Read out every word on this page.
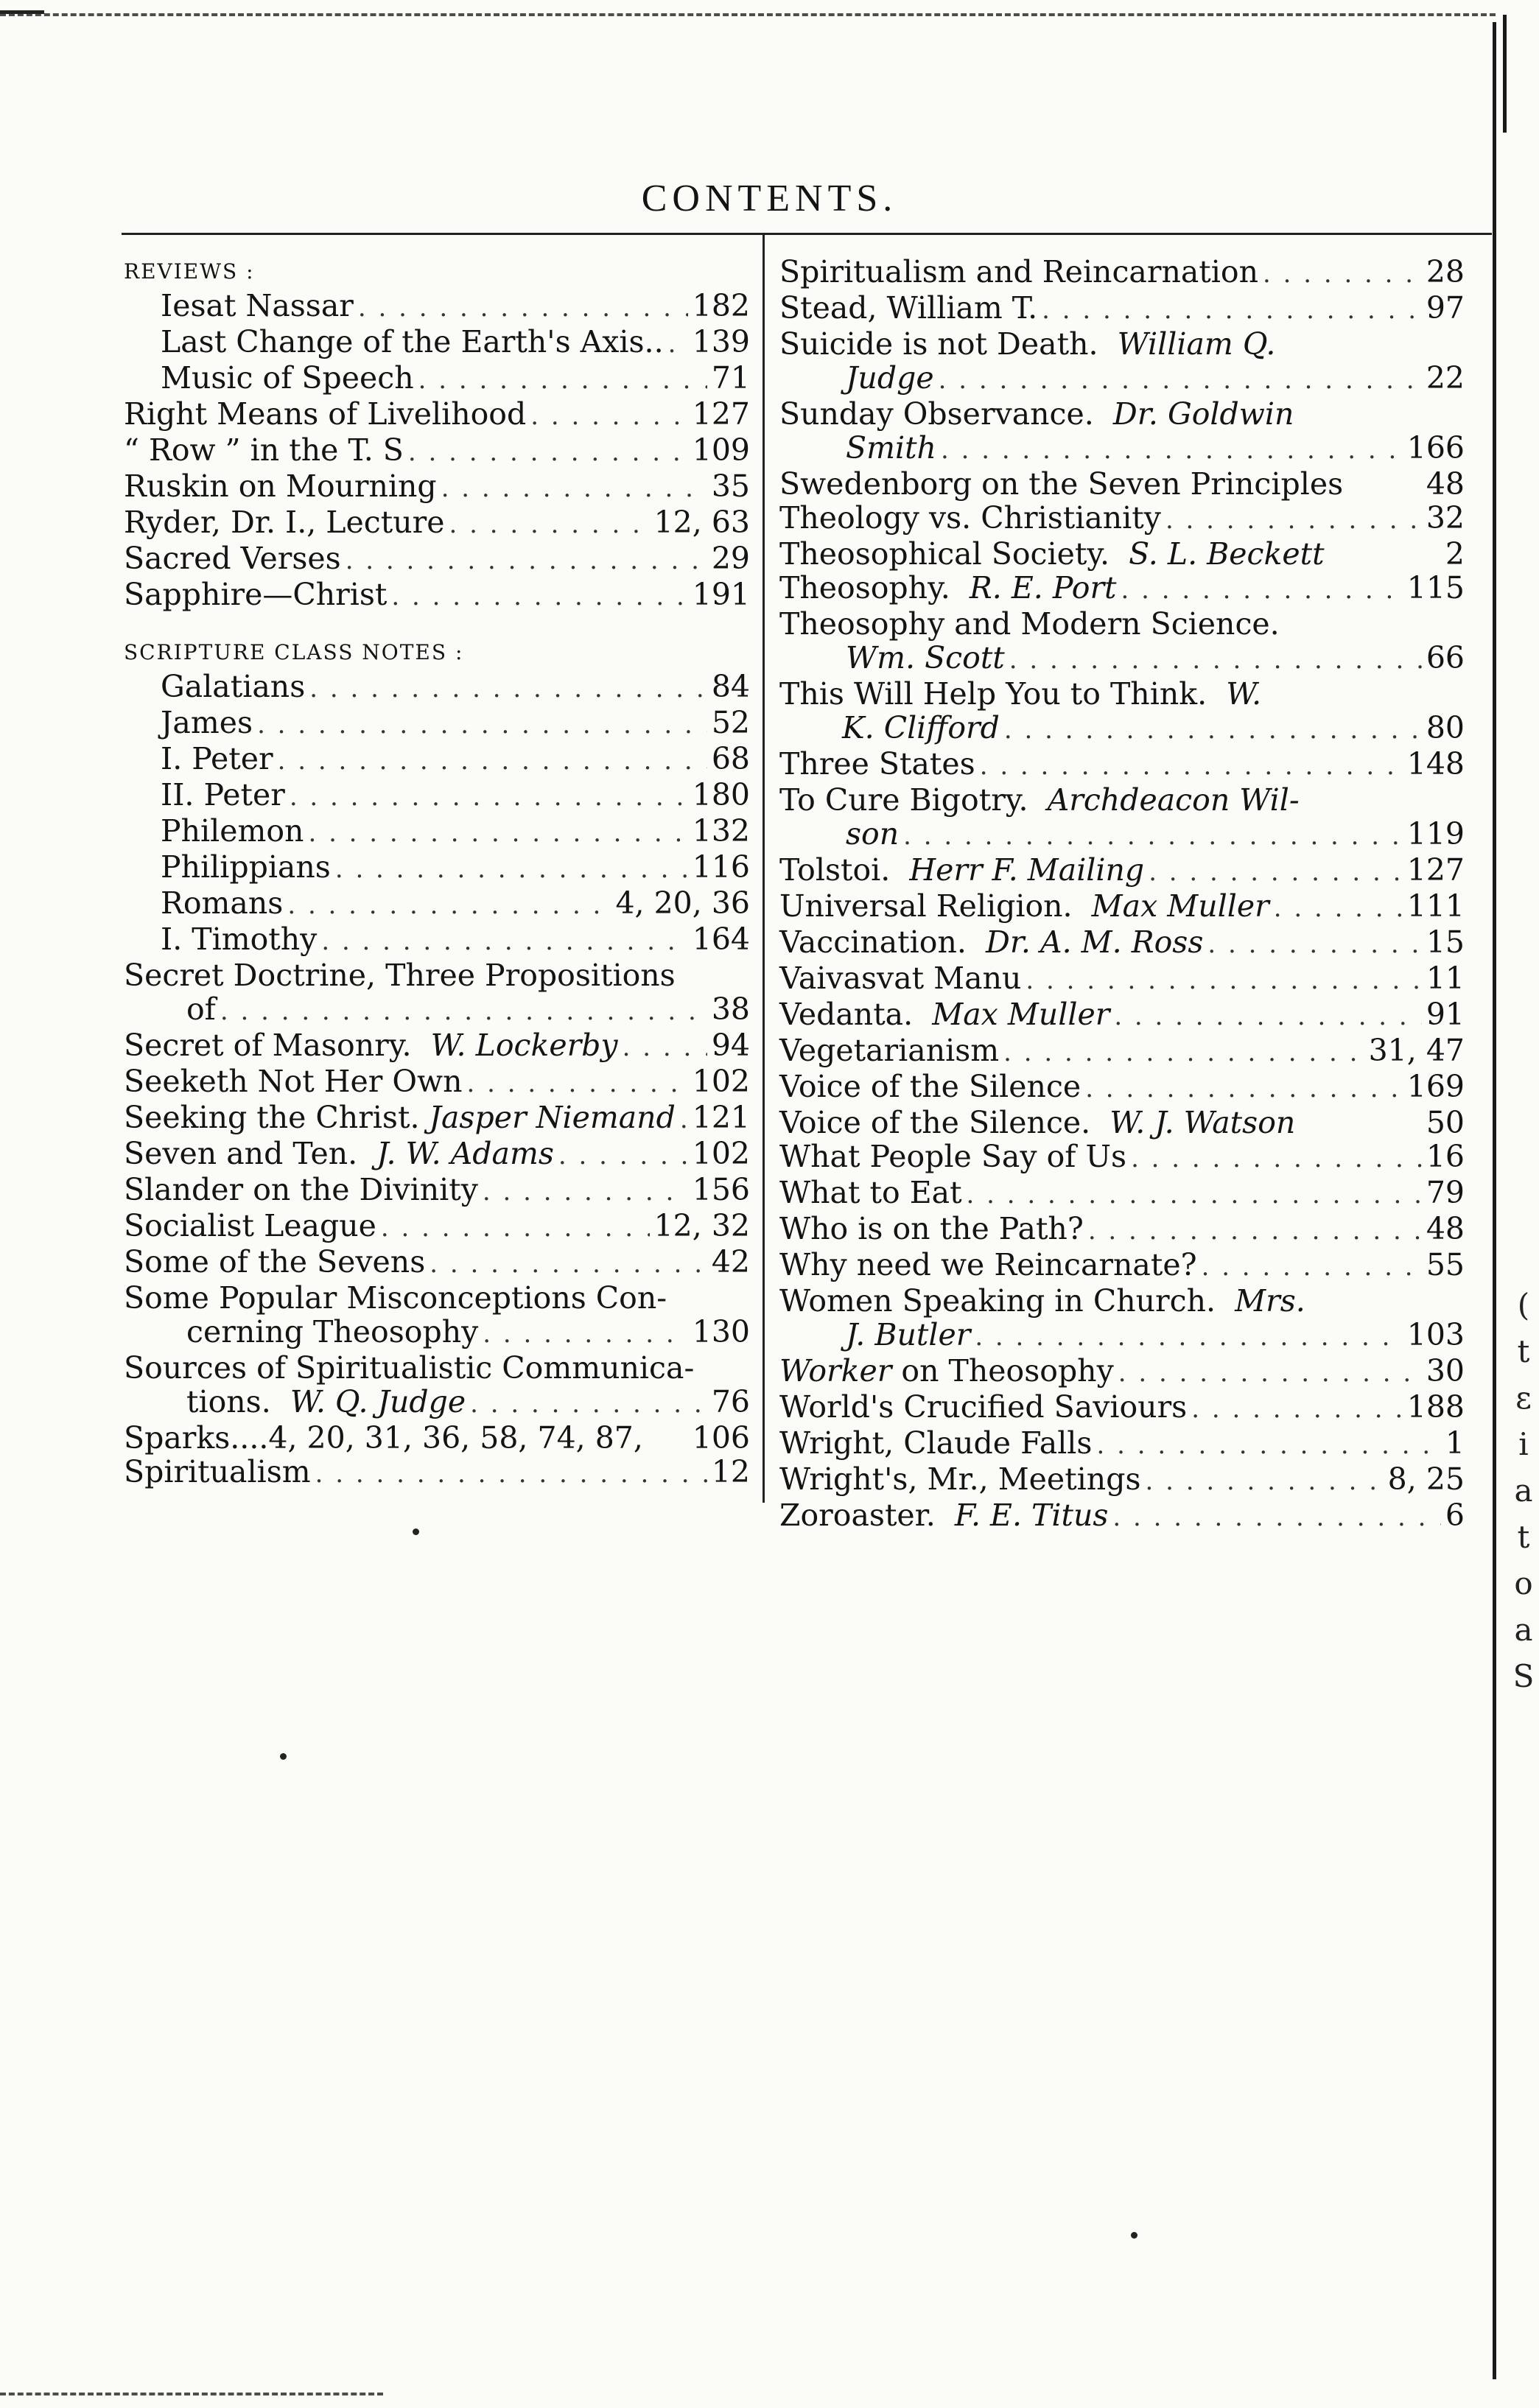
(
t
ε
i
a
t
o
a
S
CONTENTS.
REVIEWS :
Iesat Nassar . . .	182
Last Change of the Earth's Axis.. . . . 139
Music of Speech . . .	71
Right Means of Livelihood . . .	127
“ Row ” in the T. S . . .	109
Ruskin on Mourning . . .	35
Ryder, Dr. I., Lecture . . .	12, 63
Sacred Verses . . .	29
Sapphire—Christ . . .	191
SCRIPTURE CLASS NOTES :
Galatians . . .	84
James . . .	52
I. Peter . . .	68
II. Peter . . .	180
Philemon . . .	132
Philippians . . .	116
Romans . . .	4, 20, 36
I. Timothy . . .	164
Secret Doctrine, Three Propositions
of . . .	38
Secret of Masonry. W. Lockerby . . .	94
Seeketh Not Her Own . . .	102
Seeking the Christ. Jasper Niemand . . . 121
Seven and Ten. J. W. Adams . . .	102
Slander on the Divinity . . .	156
Socialist League . . .	12, 32
Some of the Sevens . . .	42
Some Popular Misconceptions Con-
cerning Theosophy . . .	130
Sources of Spiritualistic Communica-
tions. W. Q. Judge . . .	76
Sparks....4, 20, 31, 36, 58, 74, 87, 106
Spiritualism . . .	12
Spiritualism and Reincarnation . . .	28
Stead, William T. . . .	97
Suicide is not Death. William Q.
Judge . . .	22
Sunday Observance. Dr. Goldwin
Smith . . .	166
Swedenborg on the Seven Principles	48
Theology vs. Christianity . . .	32
Theosophical Society. S. L. Beckett	2
Theosophy. R. E. Port . . .	115
Theosophy and Modern Science.
Wm. Scott . . .	66
This Will Help You to Think. W.
K. Clifford . . .	80
Three States . . .	148
To Cure Bigotry. Archdeacon Wil-
son . . .	119
Tolstoi. Herr F. Mailing . . .	127
Universal Religion. Max Muller . . .	111
Vaccination. Dr. A. M. Ross . . .	15
Vaivasvat Manu . . .	11
Vedanta. Max Muller . . .	91
Vegetarianism . . .	31, 47
Voice of the Silence . . .	169
Voice of the Silence. W. J. Watson	50
What People Say of Us . . .	16
What to Eat . . .	79
Who is on the Path? . . .	48
Why need we Reincarnate? . . .	55
Women Speaking in Church. Mrs.
J. Butler . . .	103
Worker on Theosophy . . .	30
World's Crucified Saviours . . .	188
Wright, Claude Falls . . .	1
Wright's, Mr., Meetings . . .	8, 25
Zoroaster. F. E. Titus . . .	6
